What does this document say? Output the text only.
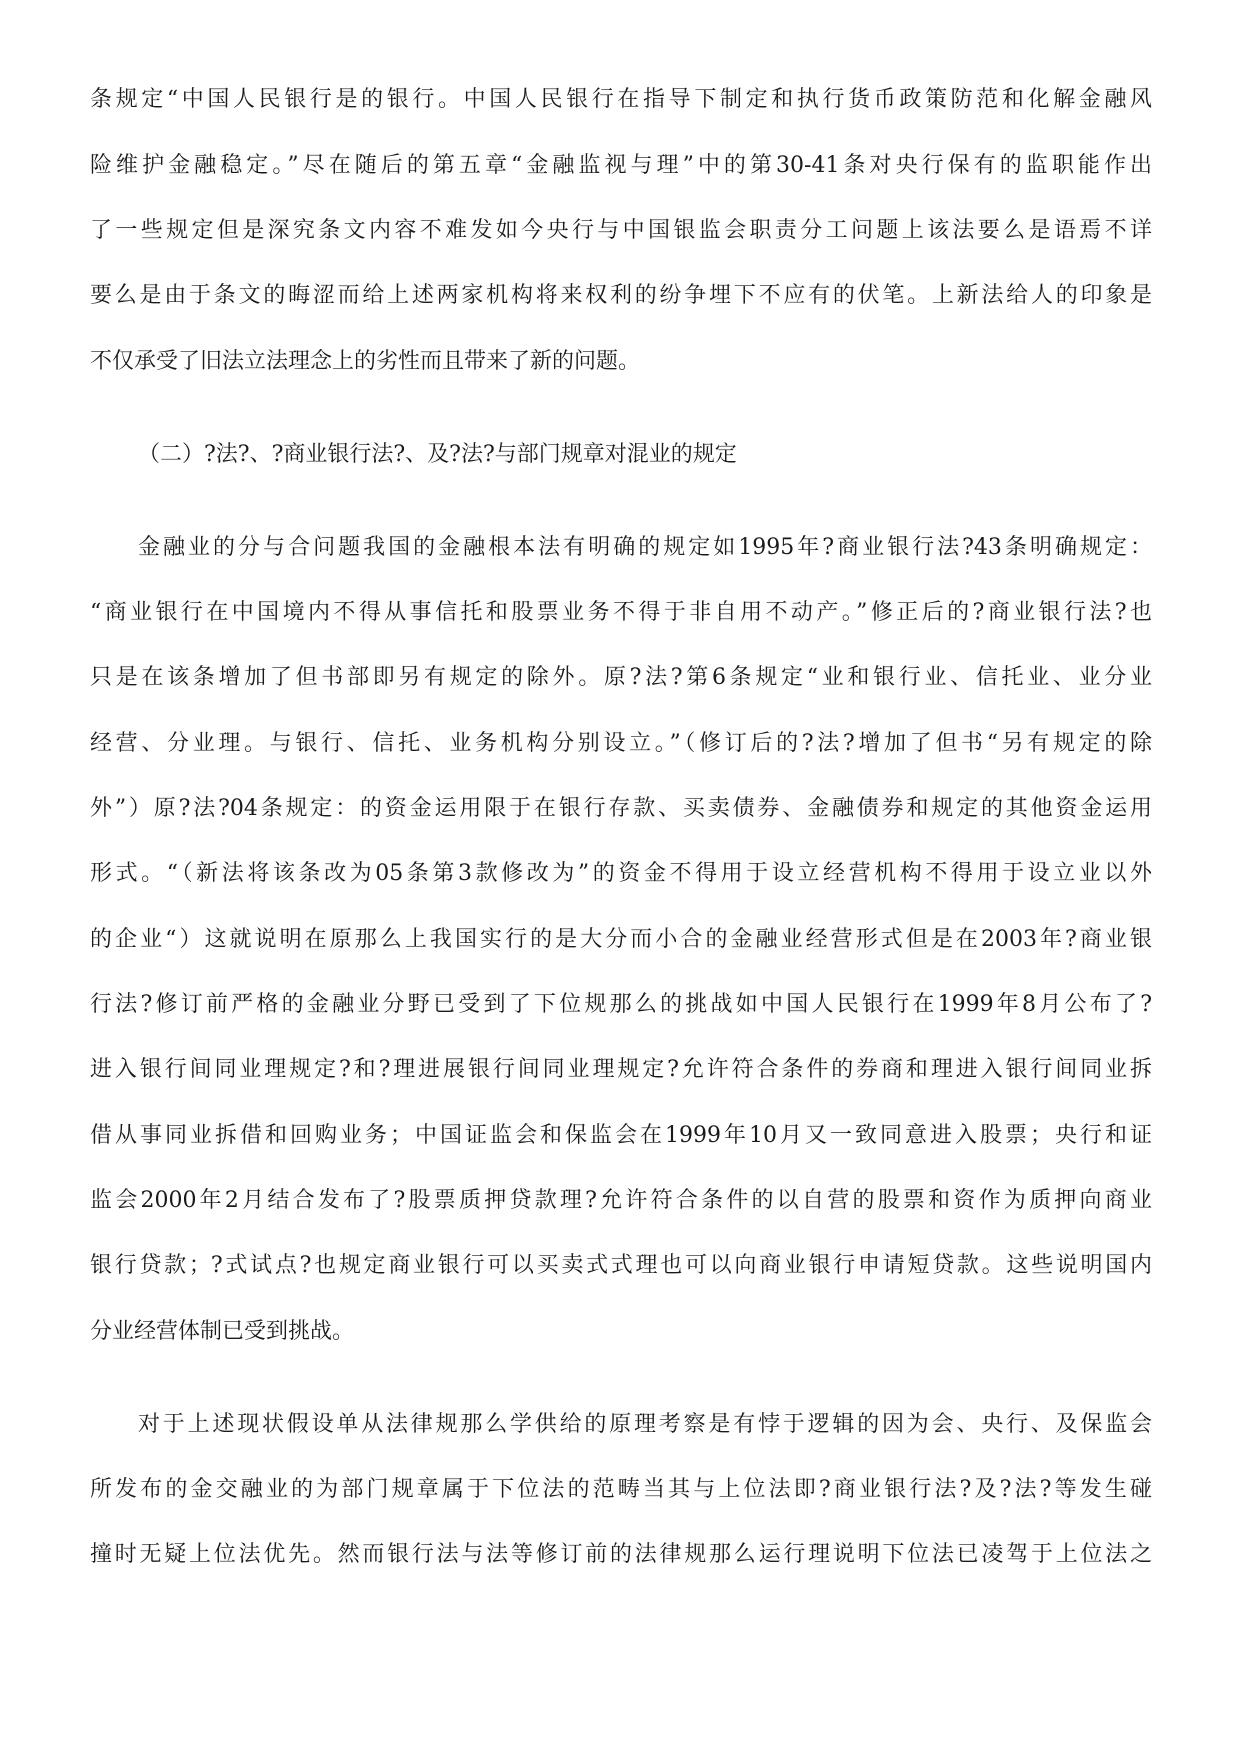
条规定“中国人民银行是的银行。中国人民银行在指导下制定和执行货币政策防范和化解金融风

险维护金融稳定。”尽在随后的第五章“金融监视与理”中的第30-41条对央行保有的监职能作出

了一些规定但是深究条文内容不难发如今央行与中国银监会职责分工问题上该法要么是语焉不详

要么是由于条文的晦涩而给上述两家机构将来权利的纷争埋下不应有的伏笔。上新法给人的印象是

不仅承受了旧法立法理念上的劣性而且带来了新的问题。

（二）?法?、?商业银行法?、及?法?与部门规章对混业的规定

金融业的分与合问题我国的金融根本法有明确的规定如1995年?商业银行法?43条明确规定：

“商业银行在中国境内不得从事信托和股票业务不得于非自用不动产。”修正后的?商业银行法?也

只是在该条增加了但书部即另有规定的除外。原?法?第6条规定“业和银行业、信托业、业分业

经营、分业理。与银行、信托、业务机构分别设立。”（修订后的?法?增加了但书“另有规定的除

外”）原?法?04条规定：的资金运用限于在银行存款、买卖债券、金融债券和规定的其他资金运用

形式。“（新法将该条改为05条第3款修改为”的资金不得用于设立经营机构不得用于设立业以外

的企业“）这就说明在原那么上我国实行的是大分而小合的金融业经营形式但是在2003年?商业银

行法?修订前严格的金融业分野已受到了下位规那么的挑战如中国人民银行在1999年8月公布了?

进入银行间同业理规定?和?理进展银行间同业理规定?允许符合条件的券商和理进入银行间同业拆

借从事同业拆借和回购业务；中国证监会和保监会在1999年10月又一致同意进入股票；央行和证

监会2000年2月结合发布了?股票质押贷款理?允许符合条件的以自营的股票和资作为质押向商业

银行贷款；?式试点?也规定商业银行可以买卖式式理也可以向商业银行申请短贷款。这些说明国内

分业经营体制已受到挑战。

对于上述现状假设单从法律规那么学供给的原理考察是有悖于逻辑的因为会、央行、及保监会

所发布的金交融业的为部门规章属于下位法的范畴当其与上位法即?商业银行法?及?法?等发生碰

撞时无疑上位法优先。然而银行法与法等修订前的法律规那么运行理说明下位法已凌驾于上位法之
